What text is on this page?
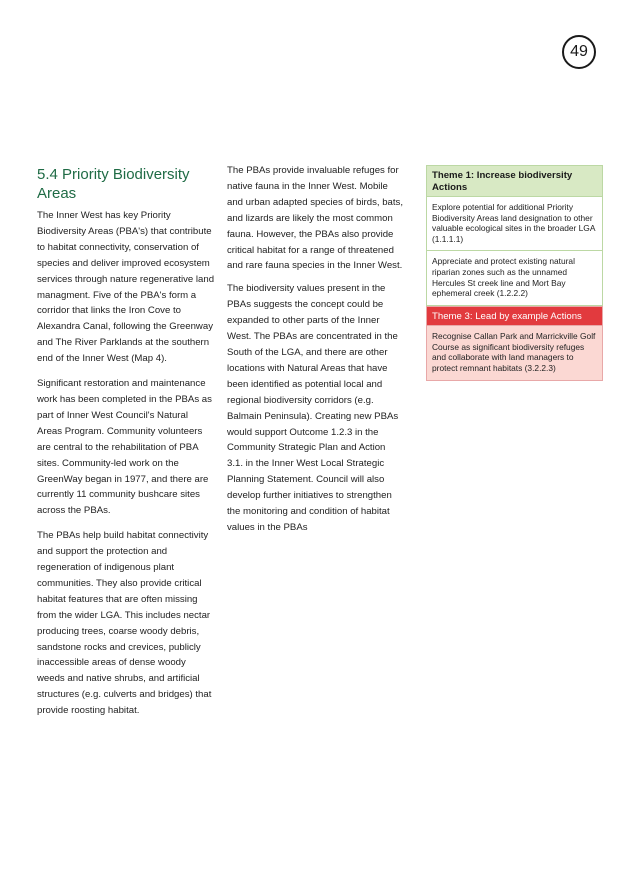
49
5.4 Priority Biodiversity Areas

The Inner West has key Priority Biodiversity Areas (PBA's) that contribute to habitat connectivity, conservation of species and deliver improved ecosystem services through nature regenerative land managment. Five of the PBA's form a corridor that links the Iron Cove to Alexandra Canal, following the Greenway and The River Parklands at the southern end of the Inner West (Map 4).

Significant restoration and maintenance work has been completed in the PBAs as part of Inner West Council's Natural Areas Program. Community volunteers are central to the rehabilitation of PBA sites. Community-led work on the GreenWay began in 1977, and there are currently 11 community bushcare sites across the PBAs.

The PBAs help build habitat connectivity and support the protection and regeneration of indigenous plant communities. They also provide critical habitat features that are often missing from the wider LGA. This includes nectar producing trees, coarse woody debris, sandstone rocks and crevices, publicly inaccessible areas of dense woody weeds and native shrubs, and artificial structures (e.g. culverts and bridges) that provide roosting habitat.

The PBAs provide invaluable refuges for native fauna in the Inner West. Mobile and urban adapted species of birds, bats, and lizards are likely the most common fauna. However, the PBAs also provide critical habitat for a range of threatened and rare fauna species in the Inner West.

The biodiversity values present in the PBAs suggests the concept could be expanded to other parts of the Inner West. The PBAs are concentrated in the South of the LGA, and there are other locations with Natural Areas that have been identified as potential local and regional biodiversity corridors (e.g. Balmain Peninsula). Creating new PBAs would support Outcome 1.2.3 in the Community Strategic Plan and Action 3.1. in the Inner West Local Strategic Planning Statement. Council will also develop further initiatives to strengthen the monitoring and condition of habitat values in the PBAs

Theme 1: Increase biodiversity Actions
Explore potential for additional Priority Biodiversity Areas land designation to other valuable ecological sites in the broader LGA (1.1.1.1)
Appreciate and protect existing natural riparian zones such as the unnamed Hercules St creek line and Mort Bay ephemeral creek (1.2.2.2)
Theme 3: Lead by example Actions
Recognise Callan Park and Marrickville Golf Course as significant biodiversity refuges and collaborate with land managers to protect remnant habitats (3.2.2.3)
